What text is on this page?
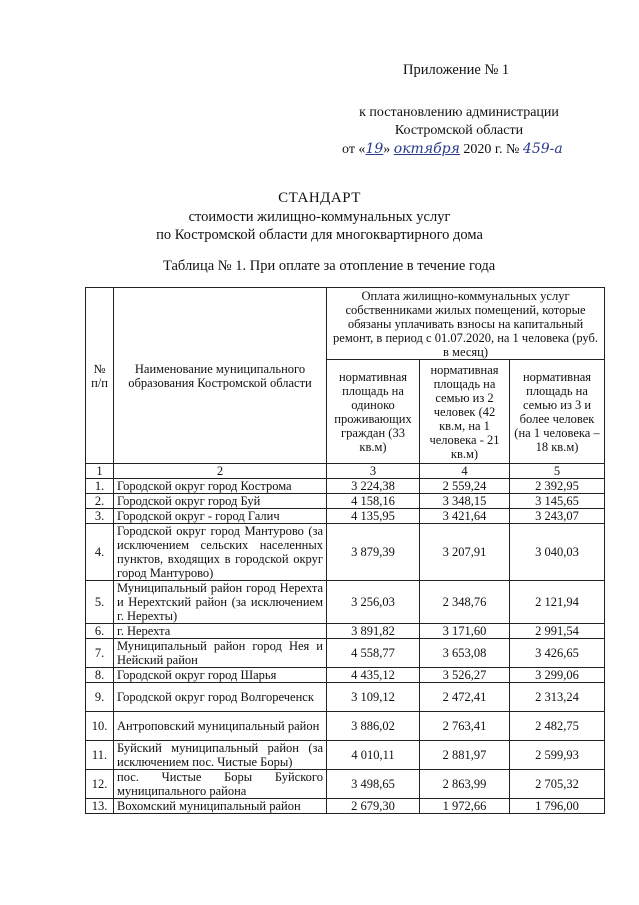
Приложение № 1
к постановлению администрации
Костромской области
от «19» октября 2020 г. № 459-а
СТАНДАРТ
стоимости жилищно-коммунальных услуг
по Костромской области для многоквартирного дома
Таблица № 1. При оплате за отопление в течение года
№ п/п	Наименование муниципального образования Костромской области	Оплата жилищно-коммунальных услуг собственниками жилых помещений, которые обязаны уплачивать взносы на капитальный ремонт, в период с 01.07.2020, на 1 человека (руб. в месяц)		
		нормативная площадь на одиноко проживающих граждан (33 кв.м)	нормативная площадь на семью из 2 человек (42 кв.м, на 1 человека - 21 кв.м)	нормативная площадь на семью из 3 и более человек (на 1 человека – 18 кв.м)
1	2	3	4	5
1.	Городской округ город Кострома	3 224,38	2 559,24	2 392,95
2.	Городской округ город Буй	4 158,16	3 348,15	3 145,65
3.	Городской округ - город Галич	4 135,95	3 421,64	3 243,07
4.	Городской округ город Мантурово (за исключением сельских населенных пунктов, входящих в городской округ город Мантурово)	3 879,39	3 207,91	3 040,03
5.	Муниципальный район город Нерехта и Нерехтский район (за исключением г. Нерехты)	3 256,03	2 348,76	2 121,94
6.	г. Нерехта	3 891,82	3 171,60	2 991,54
7.	Муниципальный район город Нея и Нейский район	4 558,77	3 653,08	3 426,65
8.	Городской округ город Шарья	4 435,12	3 526,27	3 299,06
9.	Городской округ город Волгореченск	3 109,12	2 472,41	2 313,24
10.	Антроповский муниципальный район	3 886,02	2 763,41	2 482,75
11.	Буйский муниципальный район (за исключением пос. Чистые Боры)	4 010,11	2 881,97	2 599,93
12.	пос. Чистые Боры Буйского муниципального района	3 498,65	2 863,99	2 705,32
13.	Вохомский муниципальный район	2 679,30	1 972,66	1 796,00
